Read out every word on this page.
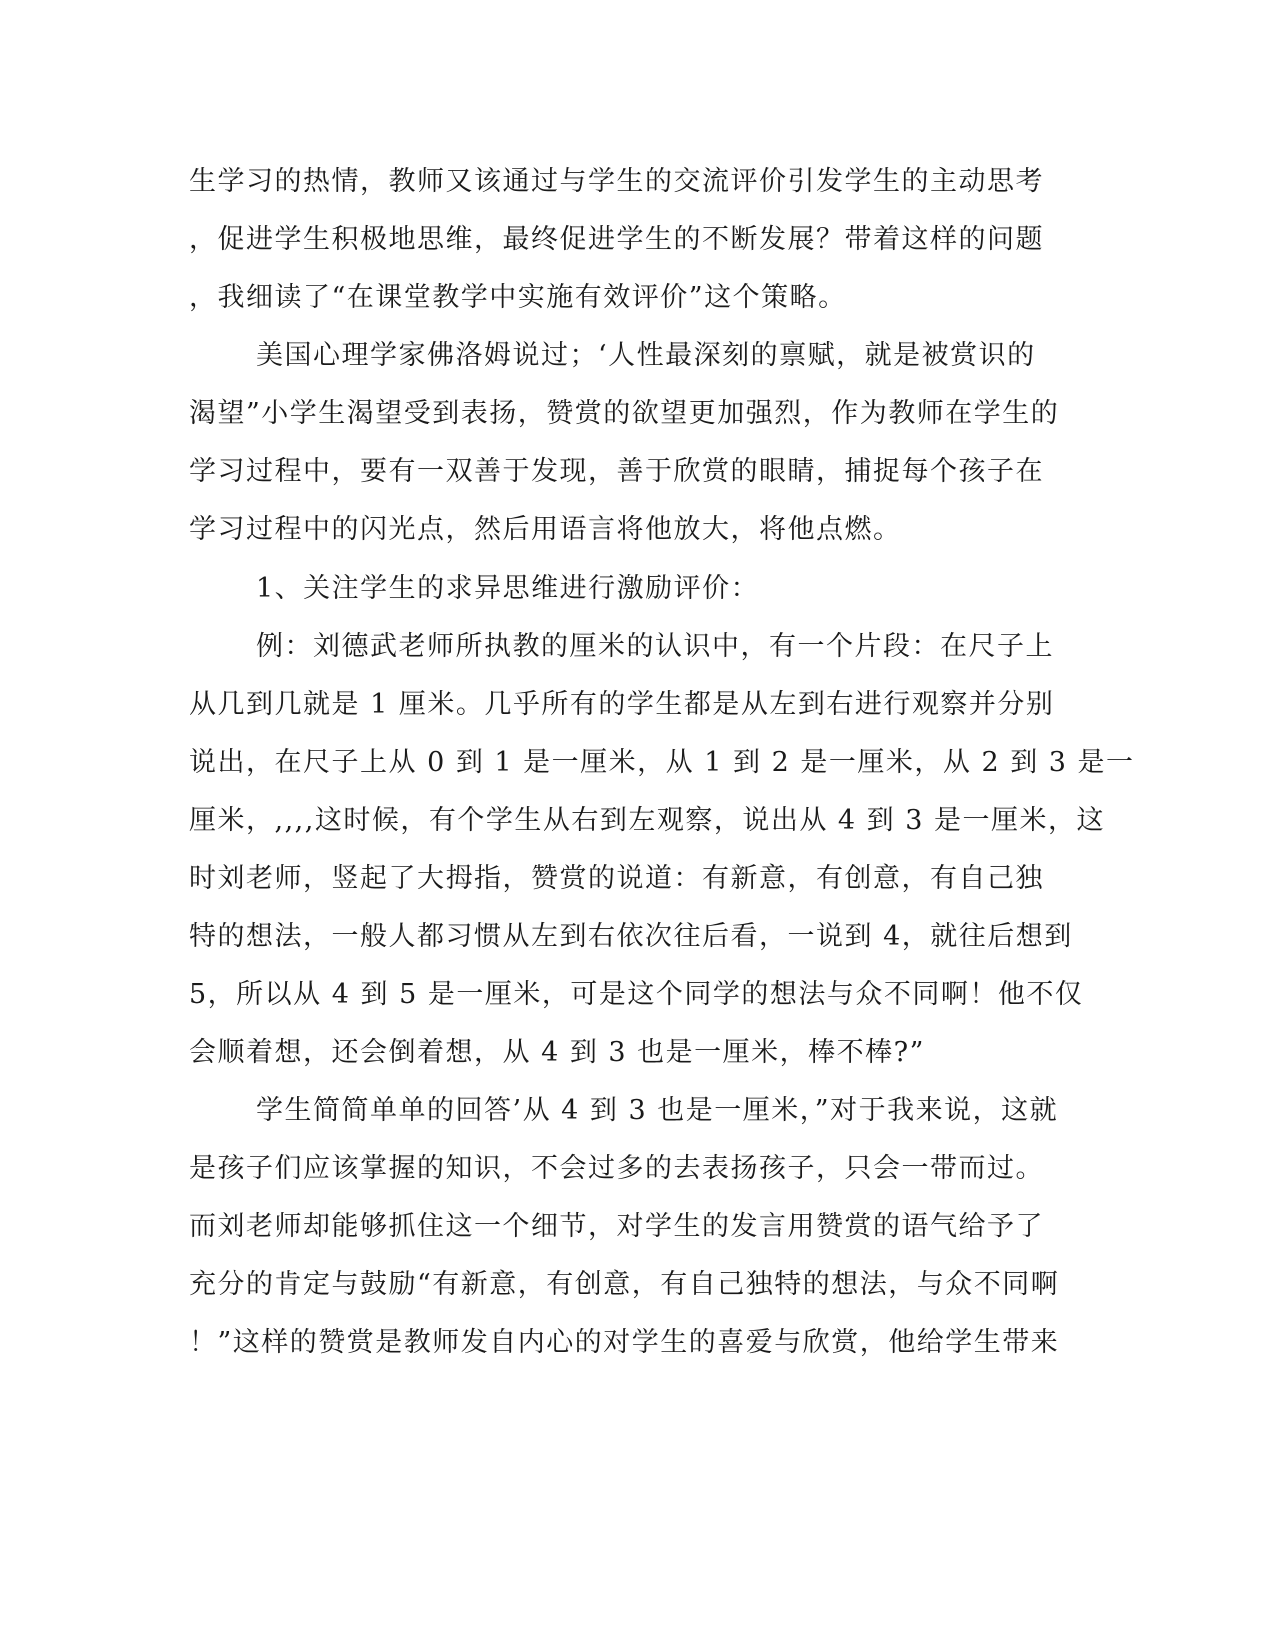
生学习的热情，教师又该通过与学生的交流评价引发学生的主动思考
，促进学生积极地思维，最终促进学生的不断发展？带着这样的问题
，我细读了“在课堂教学中实施有效评价”这个策略。
美国心理学家佛洛姆说过；‘人性最深刻的禀赋，就是被赏识的
渴望”小学生渴望受到表扬，赞赏的欲望更加强烈，作为教师在学生的
学习过程中，要有一双善于发现，善于欣赏的眼睛，捕捉每个孩子在
学习过程中的闪光点，然后用语言将他放大，将他点燃。
1、关注学生的求异思维进行激励评价：
例：刘德武老师所执教的厘米的认识中，有一个片段：在尺子上
从几到几就是 1 厘米。几乎所有的学生都是从左到右进行观察并分别
说出，在尺子上从 0 到 1 是一厘米，从 1 到 2 是一厘米，从 2 到 3 是一
厘米，,,,,这时候，有个学生从右到左观察，说出从 4 到 3 是一厘米，这
时刘老师，竖起了大拇指，赞赏的说道：有新意，有创意，有自己独
特的想法，一般人都习惯从左到右依次往后看，一说到 4，就往后想到
5，所以从 4 到 5 是一厘米，可是这个同学的想法与众不同啊！他不仅
会顺着想，还会倒着想，从 4 到 3 也是一厘米，棒不棒?”
学生简简单单的回答’从 4 到 3 也是一厘米，”对于我来说，这就
是孩子们应该掌握的知识，不会过多的去表扬孩子，只会一带而过。
而刘老师却能够抓住这一个细节，对学生的发言用赞赏的语气给予了
充分的肯定与鼓励“有新意，有创意，有自己独特的想法，与众不同啊
！”这样的赞赏是教师发自内心的对学生的喜爱与欣赏，他给学生带来
